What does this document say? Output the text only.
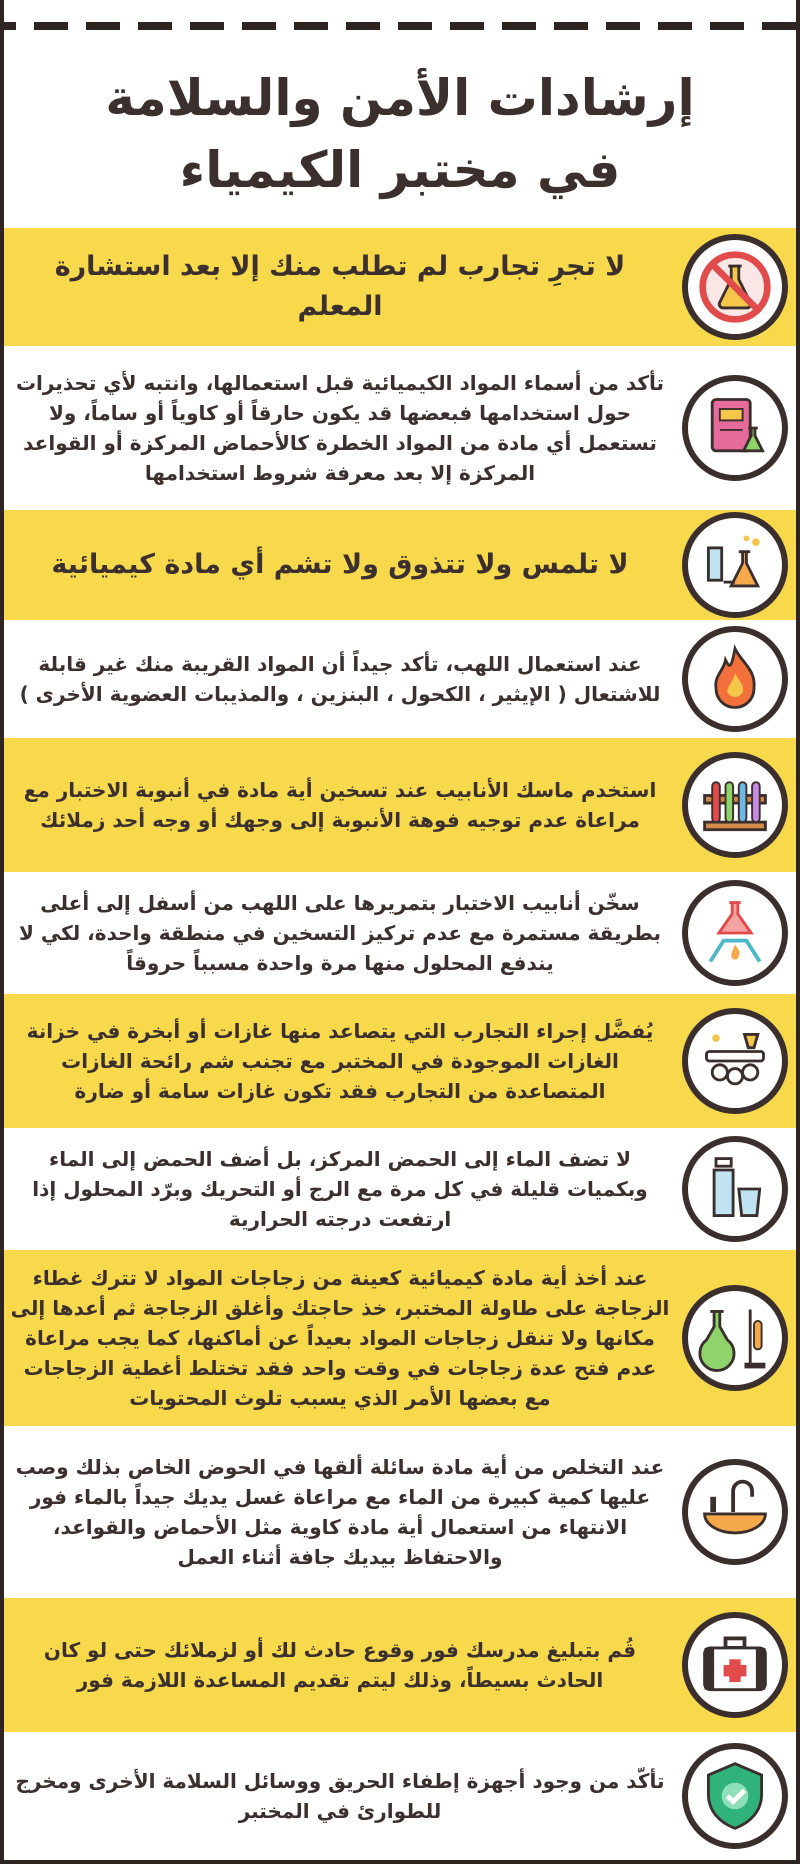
إرشادات الأمن والسلامة
في مختبر الكيمياء
لا تجرِ تجارب لم تطلب منك إلا بعد استشارة المعلم
تأكد من أسماء المواد الكيميائية قبل استعمالها، وانتبه لأي تحذيرات حول استخدامها فبعضها قد يكون حارقاً أو كاوياً أو ساماً، ولا تستعمل أي مادة من المواد الخطرة كالأحماض المركزة أو القواعد المركزة إلا بعد معرفة شروط استخدامها
لا تلمس ولا تتذوق ولا تشم أي مادة كيميائية
عند استعمال اللهب، تأكد جيداً أن المواد القريبة منك غير قابلة للاشتعال ( الإيثير ، الكحول ، البنزين ، والمذيبات العضوية الأخرى )
استخدم ماسك الأنابيب عند تسخين أية مادة في أنبوبة الاختبار مع مراعاة عدم توجيه فوهة الأنبوبة إلى وجهك أو وجه أحد زملائك
سخّن أنابيب الاختبار بتمريرها على اللهب من أسفل إلى أعلى بطريقة مستمرة مع عدم تركيز التسخين في منطقة واحدة، لكي لا يندفع المحلول منها مرة واحدة مسبباً حروقاً
يُفضَّل إجراء التجارب التي يتصاعد منها غازات أو أبخرة في خزانة الغازات الموجودة في المختبر مع تجنب شم رائحة الغازات المتصاعدة من التجارب فقد تكون غازات سامة أو ضارة
لا تضف الماء إلى الحمض المركز، بل أضف الحمض إلى الماء وبكميات قليلة في كل مرة مع الرج أو التحريك وبرّد المحلول إذا ارتفعت درجته الحرارية
عند أخذ أية مادة كيميائية كعينة من زجاجات المواد لا تترك غطاء الزجاجة على طاولة المختبر، خذ حاجتك وأغلق الزجاجة ثم أعدها إلى مكانها ولا تنقل زجاجات المواد بعيداً عن أماكنها، كما يجب مراعاة عدم فتح عدة زجاجات في وقت واحد فقد تختلط أغطية الزجاجات مع بعضها الأمر الذي يسبب تلوث المحتويات
عند التخلص من أية مادة سائلة ألقها في الحوض الخاص بذلك وصب عليها كمية كبيرة من الماء مع مراعاة غسل يديك جيداً بالماء فور الانتهاء من استعمال أية مادة كاوية مثل الأحماض والقواعد، والاحتفاظ بيديك جافة أثناء العمل
قُم بتبليغ مدرسك فور وقوع حادث لك أو لزملائك حتى لو كان الحادث بسيطاً، وذلك ليتم تقديم المساعدة اللازمة فور
تأكّد من وجود أجهزة إطفاء الحريق ووسائل السلامة الأخرى ومخرج للطوارئ في المختبر
